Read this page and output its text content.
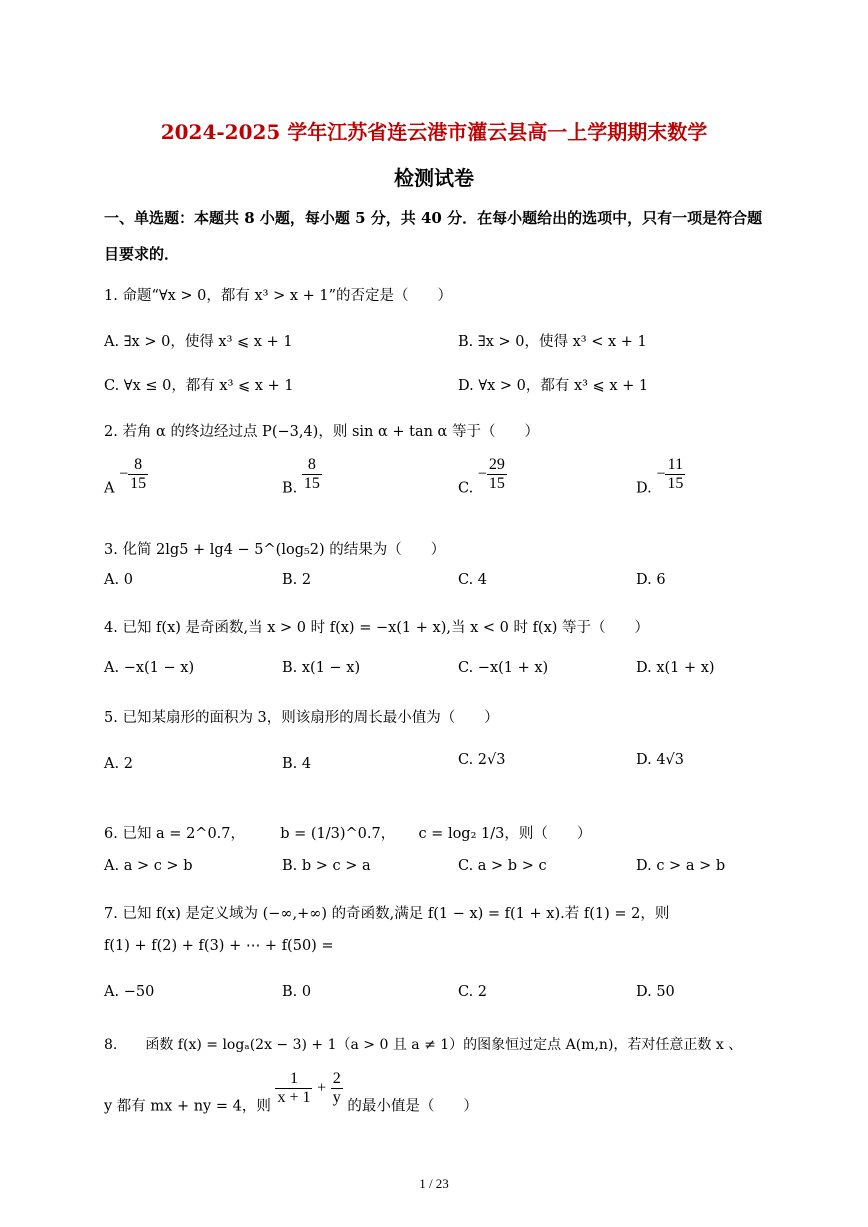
2024-2025 学年江苏省连云港市灌云县高一上学期期末数学
检测试卷
一、单选题：本题共 8 小题，每小题 5 分，共 40 分．在每小题给出的选项中，只有一项是符合题目要求的．
1. 命题“∀x > 0，都有 x³ > x + 1”的否定是（　　）
A. ∃x > 0，使得 x³ ⩽ x + 1	B. ∃x > 0，使得 x³ < x + 1
C. ∀x ≤ 0，都有 x³ ⩽ x + 1	D. ∀x > 0，都有 x³ ⩽ x + 1
2. 若角 α 的终边经过点 P(−3,4)，则 sin α + tan α 等于（　　）
$A - \frac{8}{15}$	B. $\frac{8}{15}$	C. − $\frac{29}{15}$	D. − $\frac{11}{15}$
3. 化简 2lg5 + lg4 − 5^(log₅2) 的结果为（　　）
A. 0	B. 2	C. 4	D. 6
4. 已知 f(x) 是奇函数,当 x > 0 时 f(x) = −x(1 + x),当 x < 0 时 f(x) 等于（　　）
A. −x(1 − x)	B. x(1 − x)	C. −x(1 + x)	D. x(1 + x)
5. 已知某扇形的面积为 3，则该扇形的周长最小值为（　　）
A. 2	B. 4	C. 2√3	D. 4√3
6. 已知 a = 2^0.7， b = (1/3)^0.7， c = log₂ 1/3，则（　　）
A. a > c > b	B. b > c > a	C. a > b > c	D. c > a > b
7. 已知 f(x) 是定义域为 (−∞,+∞) 的奇函数,满足 f(1 − x) = f(1 + x).若 f(1) = 2，则
f(1) + f(2) + f(3) + ⋯ + f(50) =
A. −50	B. 0	C. 2	D. 50
8.　　函数 f(x) = logₐ(2x − 3) + 1（a > 0 且 a ≠ 1）的图象恒过定点 A(m,n)，若对任意正数 x 、
y 都有 mx + ny = 4，则 $\frac{1}{x + 1} + \frac{2}{y}$ 的最小值是（　　）
1 / 23
